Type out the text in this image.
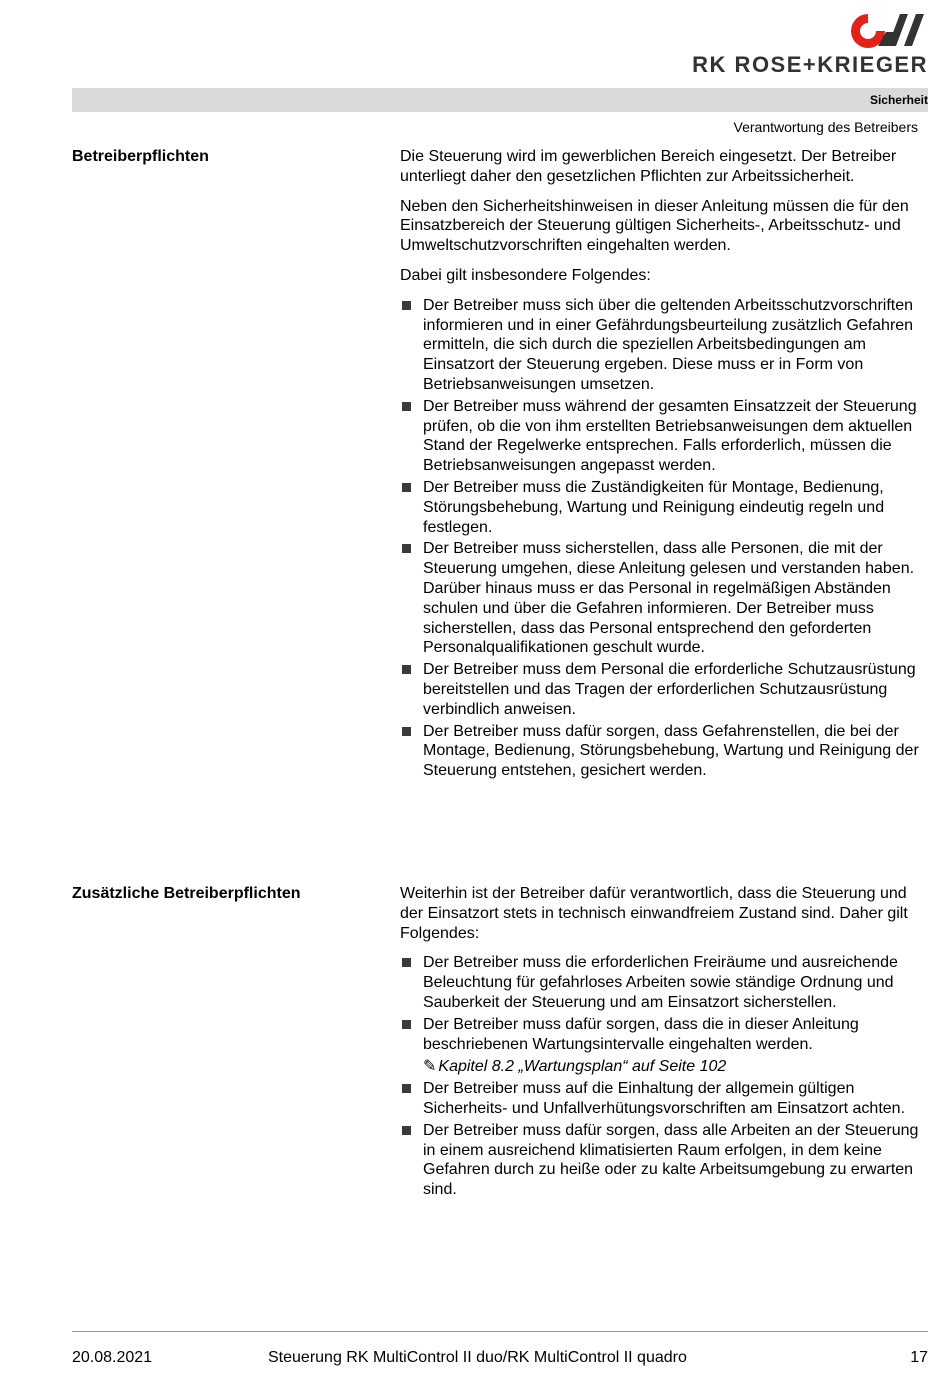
RK ROSE+KRIEGER
Sicherheit
Verantwortung des Betreibers
Betreiberpflichten	Die Steuerung wird im gewerblichen Bereich eingesetzt. Der Betreiber unterliegt daher den gesetzlichen Pflichten zur Arbeitssicherheit.

Neben den Sicherheitshinweisen in dieser Anleitung müssen die für den Einsatzbereich der Steuerung gültigen Sicherheits-, Arbeitsschutz- und Umweltschutzvorschriften eingehalten werden.

Dabei gilt insbesondere Folgendes:

Der Betreiber muss sich über die geltenden Arbeitsschutzvorschriften informieren und in einer Gefährdungsbeurteilung zusätzlich Gefahren ermitteln, die sich durch die speziellen Arbeitsbedingungen am Einsatzort der Steuerung ergeben. Diese muss er in Form von Betriebsanweisungen umsetzen.
Der Betreiber muss während der gesamten Einsatzzeit der Steuerung prüfen, ob die von ihm erstellten Betriebsanweisungen dem aktuellen Stand der Regelwerke entsprechen. Falls erforderlich, müssen die Betriebsanweisungen angepasst werden.
Der Betreiber muss die Zuständigkeiten für Montage, Bedienung, Störungsbehebung, Wartung und Reinigung eindeutig regeln und festlegen.
Der Betreiber muss sicherstellen, dass alle Personen, die mit der Steuerung umgehen, diese Anleitung gelesen und verstanden haben. Darüber hinaus muss er das Personal in regelmäßigen Abständen schulen und über die Gefahren informieren. Der Betreiber muss sicherstellen, dass das Personal entsprechend den geforderten Personalqualifikationen geschult wurde.
Der Betreiber muss dem Personal die erforderliche Schutzausrüstung bereitstellen und das Tragen der erforderlichen Schutzausrüstung verbindlich anweisen.
Der Betreiber muss dafür sorgen, dass Gefahrenstellen, die bei der Montage, Bedienung, Störungsbehebung, Wartung und Reinigung der Steuerung entstehen, gesichert werden.
Zusätzliche Betreiberpflichten	Weiterhin ist der Betreiber dafür verantwortlich, dass die Steuerung und der Einsatzort stets in technisch einwandfreiem Zustand sind. Daher gilt Folgendes:

Der Betreiber muss die erforderlichen Freiräume und ausreichende Beleuchtung für gefahrloses Arbeiten sowie ständige Ordnung und Sauberkeit der Steuerung und am Einsatzort sicherstellen.
Der Betreiber muss dafür sorgen, dass die in dieser Anleitung beschriebenen Wartungsintervalle eingehalten werden.
✎ Kapitel 8.2 „Wartungsplan“ auf Seite 102
Der Betreiber muss auf die Einhaltung der allgemein gültigen Sicherheits- und Unfallverhütungsvorschriften am Einsatzort achten.
Der Betreiber muss dafür sorgen, dass alle Arbeiten an der Steuerung in einem ausreichend klimatisierten Raum erfolgen, in dem keine Gefahren durch zu heiße oder zu kalte Arbeitsumgebung zu erwarten sind.
20.08.2021	Steuerung RK MultiControl II duo/RK MultiControl II quadro	17
